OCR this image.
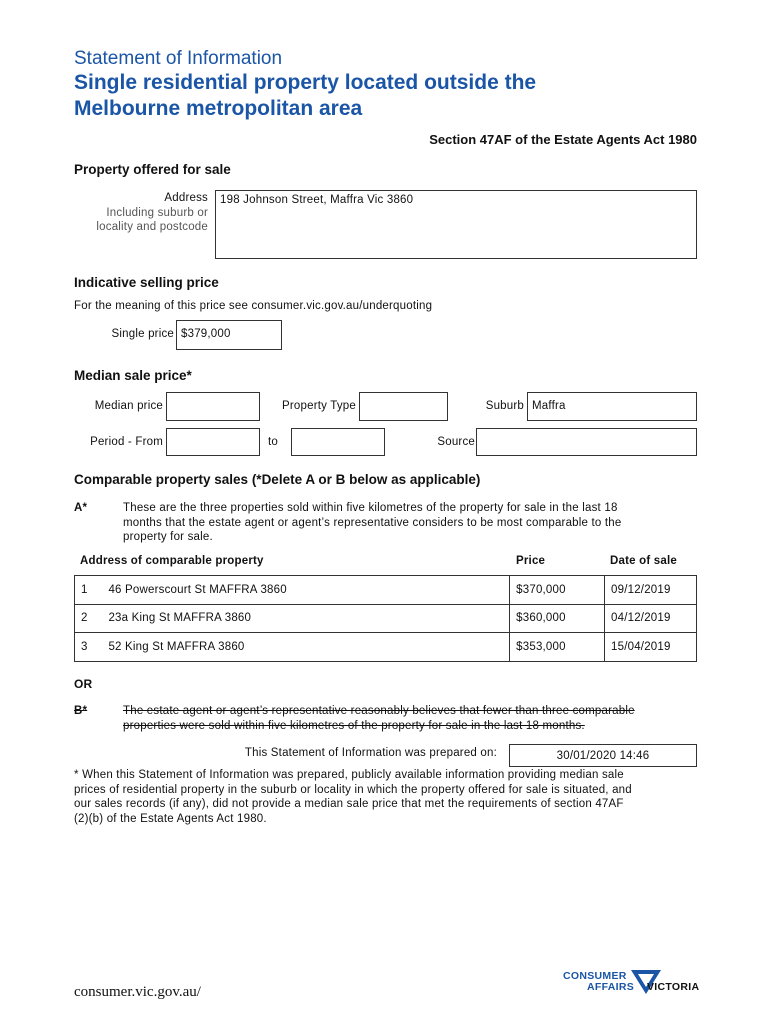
Statement of Information
Single residential property located outside the
Melbourne metropolitan area
Section 47AF of the Estate Agents Act 1980
Property offered for sale
Address
Including suburb or
locality and postcode
198 Johnson Street, Maffra Vic 3860
Indicative selling price
For the meaning of this price see consumer.vic.gov.au/underquoting
Single price $379,000
Median sale price*
Median price	Property Type	Suburb Maffra
Period - From	to	Source
Comparable property sales (*Delete A or B below as applicable)
A*	These are the three properties sold within five kilometres of the property for sale in the last 18
months that the estate agent or agent’s representative considers to be most comparable to the
property for sale.
Address of comparable property	Price	Date of sale
1	46 Powerscourt St MAFFRA 3860	$370,000	09/12/2019
2	23a King St MAFFRA 3860	$360,000	04/12/2019
3	52 King St MAFFRA 3860	$353,000	15/04/2019
OR
B*	The estate agent or agent’s representative reasonably believes that fewer than three comparable
properties were sold within five kilometres of the property for sale in the last 18 months.
This Statement of Information was prepared on:	30/01/2020 14:46
* When this Statement of Information was prepared, publicly available information providing median sale
prices of residential property in the suburb or locality in which the property offered for sale is situated, and
our sales records (if any), did not provide a median sale price that met the requirements of section 47AF
(2)(b) of the Estate Agents Act 1980.
consumer.vic.gov.au/
CONSUMER
AFFAIRS VICTORIA
